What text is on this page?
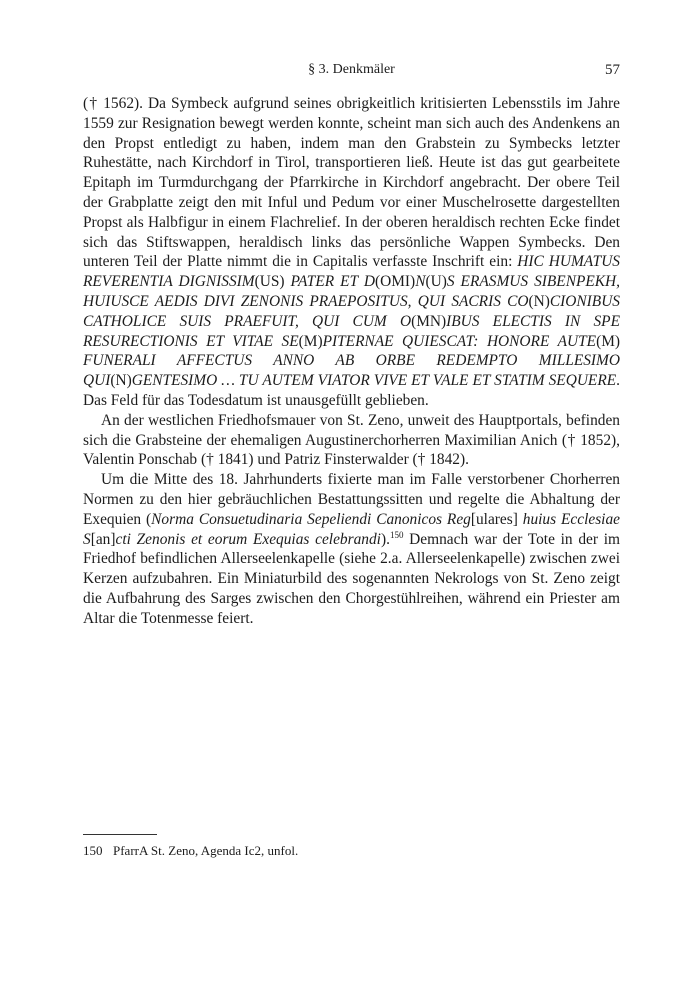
§ 3. Denkmäler	57

(† 1562). Da Symbeck aufgrund seines obrigkeitlich kritisierten Lebensstils im Jahre 1559 zur Resignation bewegt werden konnte, scheint man sich auch des Andenkens an den Propst entledigt zu haben, indem man den Grabstein zu Symbecks letzter Ruhestätte, nach Kirchdorf in Tirol, transportieren ließ. Heute ist das gut gearbeitete Epitaph im Turmdurchgang der Pfarrkirche in Kirchdorf angebracht. Der obere Teil der Grabplatte zeigt den mit Inful und Pedum vor einer Muschelrosette dargestellten Propst als Halbfigur in einem Flachrelief. In der oberen heraldisch rechten Ecke findet sich das Stiftswappen, heraldisch links das persönliche Wappen Symbecks. Den unteren Teil der Platte nimmt die in Capitalis verfasste Inschrift ein: HIC HUMATUS REVERENTIA DIGNISSIM(US) PATER ET D(OMI)N(U)S ERASMUS SIBENPEKH, HUIUSCE AEDIS DIVI ZENONIS PRAEPOSITUS, QUI SACRIS CO(N)CIONIBUS CATHOLICE SUIS PRAEFUIT, QUI CUM O(MN)IBUS ELECTIS IN SPE RESURECTIONIS ET VITAE SE(M)PITERNAE QUIESCAT: HONORE AUTE(M) FUNERALI AFFECTUS ANNO AB ORBE REDEMPTO MILLESIMO QUI(N)GENTESIMO … TU AUTEM VIATOR VIVE ET VALE ET STATIM SEQUERE. Das Feld für das Todesdatum ist unausgefüllt geblieben.

An der westlichen Friedhofsmauer von St. Zeno, unweit des Hauptportals, befinden sich die Grabsteine der ehemaligen Augustinerchorherren Maximilian Anich († 1852), Valentin Ponschab († 1841) und Patriz Finsterwalder († 1842).

Um die Mitte des 18. Jahrhunderts fixierte man im Falle verstorbener Chorherren Normen zu den hier gebräuchlichen Bestattungssitten und regelte die Abhaltung der Exequien (Norma Consuetudinaria Sepeliendi Canonicos Reg[ulares] huius Ecclesiae S[an]cti Zenonis et eorum Exequias celebrandi).$^{150}$ Demnach war der Tote in der im Friedhof befindlichen Allerseelenkapelle (siehe 2.a. Allerseelenkapelle) zwischen zwei Kerzen aufzubahren. Ein Miniaturbild des sogenannten Nekrologs von St. Zeno zeigt die Aufbahrung des Sarges zwischen den Chorgestühlreihen, während ein Priester am Altar die Totenmesse feiert.

150 PfarrA St. Zeno, Agenda Ic2, unfol.
